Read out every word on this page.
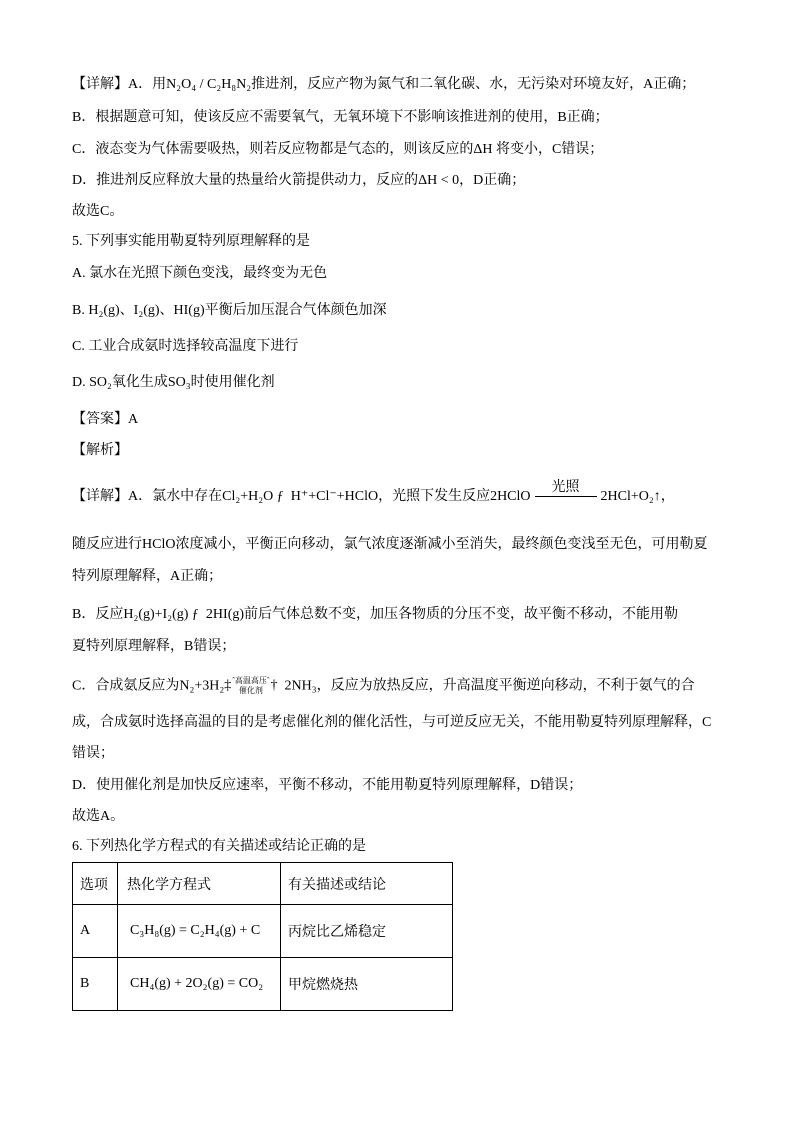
【详解】A．用N₂O₄ / C₂H₈N₂推进剂，反应产物为氮气和二氧化碳、水，无污染对环境友好，A正确；
B．根据题意可知，使该反应不需要氧气，无氧环境下不影响该推进剂的使用，B正确；
C．液态变为气体需要吸热，则若反应物都是气态的，则该反应的ΔH 将变小，C错误；
D．推进剂反应释放大量的热量给火箭提供动力，反应的ΔH < 0，D正确；
故选C。
5. 下列事实能用勒夏特列原理解释的是
A. 氯水在光照下颜色变浅，最终变为无色
B. H₂(g)、I₂(g)、HI(g)平衡后加压混合气体颜色加深
C. 工业合成氨时选择较高温度下进行
D. SO₂氧化生成SO₃时使用催化剂
【答案】A
【解析】
【详解】A．氯水中存在Cl₂+H₂O ƒ  H⁺+Cl⁻+HClO，光照下发生反应2HClO
光照
2HCl+O₂↑，
随反应进行HClO浓度减小，平衡正向移动，氯气浓度逐渐减小至消失，最终颜色变浅至无色，可用勒夏
特列原理解释，A正确；
B．反应H₂(g)+I₂(g) ƒ  2HI(g)前后气体总数不变，加压各物质的分压不变，故平衡不移动，不能用勒
夏特列原理解释，B错误；
C．合成氨反应为N₂+3H₂‡ ˆ高温高压ˆ
催化剂 †  2NH₃，反应为放热反应，升高温度平衡逆向移动，不利于氨气的合
成，合成氨时选择高温的目的是考虑催化剂的催化活性，与可逆反应无关，不能用勒夏特列原理解释，C
错误；
D．使用催化剂是加快反应速率，平衡不移动，不能用勒夏特列原理解释，D错误；
故选A。
6. 下列热化学方程式的有关描述或结论正确的是
选项	热化学方程式	有关描述或结论

A	C₃H₈(g) = C₂H₄(g) + C	丙烷比乙烯稳定

B	CH₄(g) + 2O₂(g) = CO₂	甲烷燃烧热
